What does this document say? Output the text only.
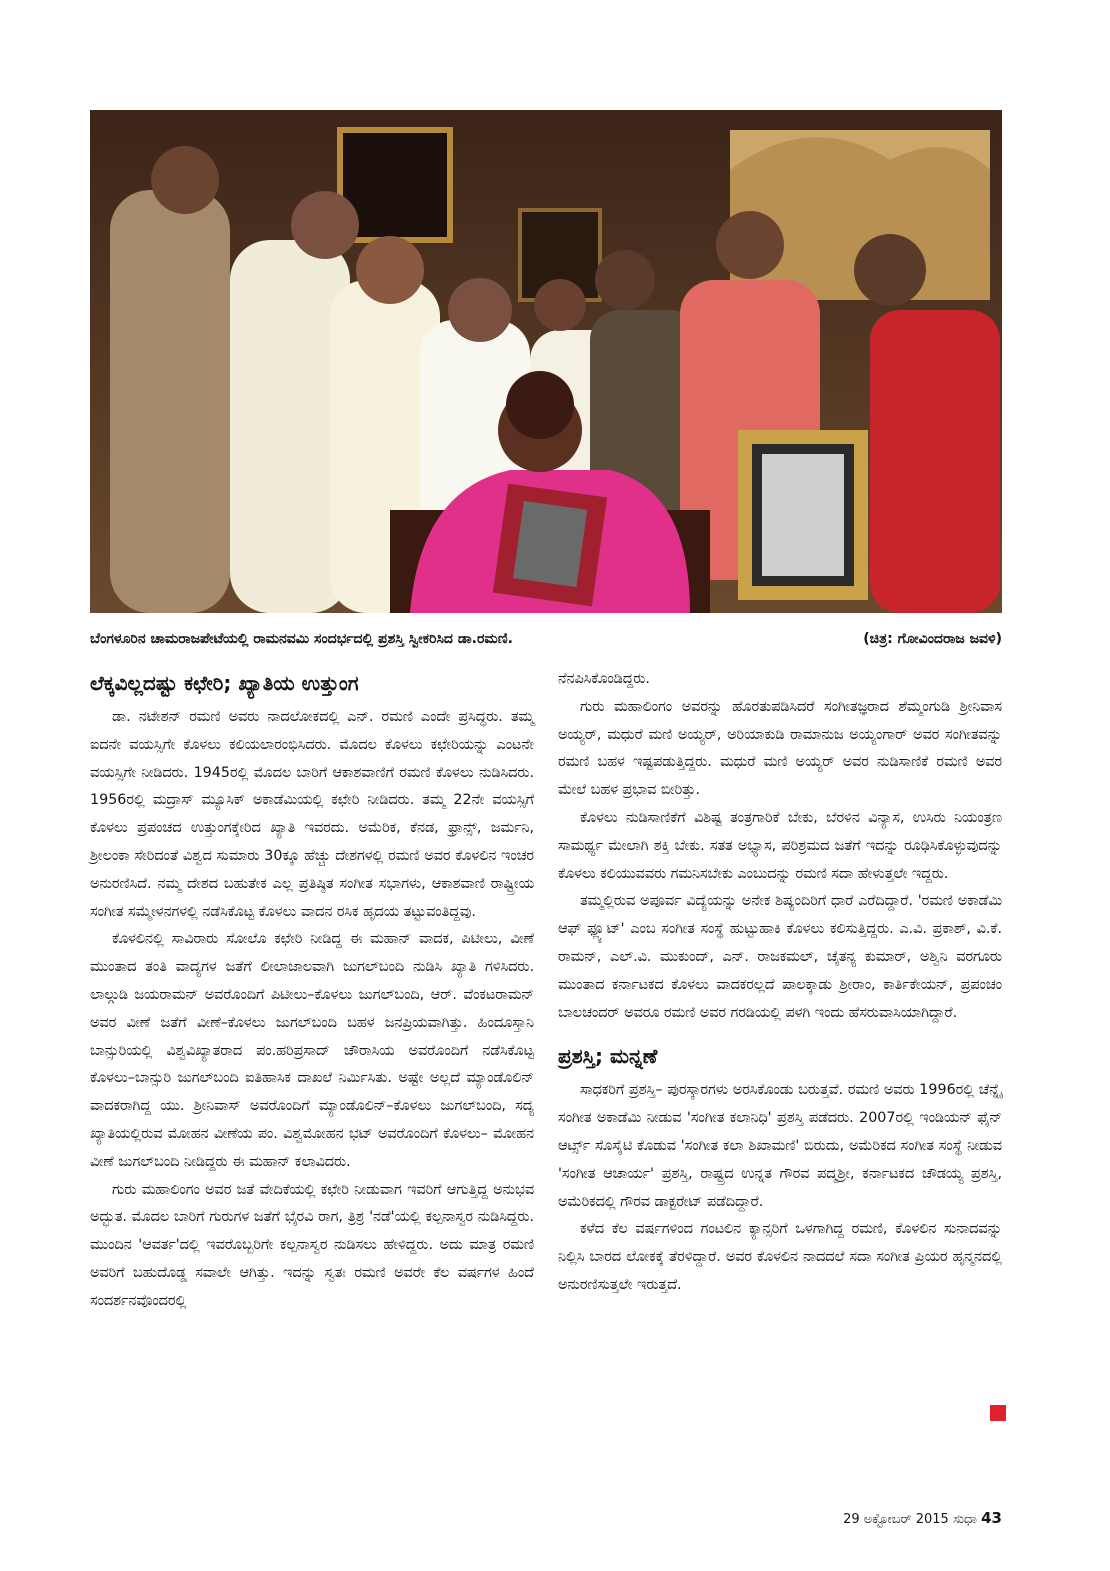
ಬೆಂಗಳೂರಿನ ಚಾಮರಾಜಪೇಟೆಯಲ್ಲಿ ರಾಮನವಮಿ ಸಂದರ್ಭದಲ್ಲಿ ಪ್ರಶಸ್ತಿ ಸ್ವೀಕರಿಸಿದ ಡಾ.ರಮಣಿ.	(ಚಿತ್ರ: ಗೋವಿಂದರಾಜ ಜವಳಿ)
ಲೆಕ್ಕವಿಲ್ಲದಷ್ಟು ಕಛೇರಿ; ಖ್ಯಾತಿಯ ಉತ್ತುಂಗ

ಡಾ. ನಟೇಶನ್ ರಮಣಿ ಅವರು ನಾದಲೋಕದಲ್ಲಿ ಎನ್. ರಮಣಿ ಎಂದೇ ಪ್ರಸಿದ್ಧರು. ತಮ್ಮ ಐದನೇ ವಯಸ್ಸಿಗೇ ಕೊಳಲು ಕಲಿಯಲಾರಂಭಿಸಿದರು. ಮೊದಲ ಕೊಳಲು ಕಛೇರಿಯನ್ನು ಎಂಟನೇ ವಯಸ್ಸಿಗೇ ನೀಡಿದರು. 1945ರಲ್ಲಿ ಮೊದಲ ಬಾರಿಗೆ ಆಕಾಶವಾಣಿಗೆ ರಮಣಿ ಕೊಳಲು ನುಡಿಸಿದರು. 1956ರಲ್ಲಿ ಮದ್ರಾಸ್ ಮ್ಯೂಸಿಕ್ ಅಕಾಡೆಮಿಯಲ್ಲಿ ಕಛೇರಿ ನೀಡಿದರು. ತಮ್ಮ 22ನೇ ವಯಸ್ಸಿಗೆ ಕೊಳಲು ಪ್ರಪಂಚದ ಉತ್ತುಂಗಕ್ಕೇರಿದ ಖ್ಯಾತಿ ಇವರದು. ಅಮೆರಿಕ, ಕೆನಡ, ಫ್ರಾನ್ಸ್, ಜರ್ಮನಿ, ಶ್ರೀಲಂಕಾ ಸೇರಿದಂತೆ ವಿಶ್ವದ ಸುಮಾರು 30ಕ್ಕೂ ಹೆಚ್ಚು ದೇಶಗಳಲ್ಲಿ ರಮಣಿ ಅವರ ಕೊಳಲಿನ ಇಂಚರ ಅನುರಣಿಸಿದೆ. ನಮ್ಮ ದೇಶದ ಬಹುತೇಕ ಎಲ್ಲ ಪ್ರತಿಷ್ಠಿತ ಸಂಗೀತ ಸಭಾಗಳು, ಆಕಾಶವಾಣಿ ರಾಷ್ಟ್ರೀಯ ಸಂಗೀತ ಸಮ್ಮೇಳನಗಳಲ್ಲಿ ನಡೆಸಿಕೊಟ್ಟ ಕೊಳಲು ವಾದನ ರಸಿಕ ಹೃದಯ ತಟ್ಟುವಂತಿದ್ದವು.

ಕೊಳಲಿನಲ್ಲಿ ಸಾವಿರಾರು ಸೋಲೊ ಕಛೇರಿ ನೀಡಿದ್ದ ಈ ಮಹಾನ್ ವಾದಕ, ಪಿಟೀಲು, ವೀಣೆ ಮುಂತಾದ ತಂತಿ ವಾದ್ಯಗಳ ಜತೆಗೆ ಲೀಲಾಜಾಲವಾಗಿ ಜುಗಲ್‌ಬಂದಿ ನುಡಿಸಿ ಖ್ಯಾತಿ ಗಳಿಸಿದರು. ಲಾಲ್ಗುಡಿ ಜಯರಾಮನ್ ಅವರೊಂದಿಗೆ ಪಿಟೀಲು–ಕೊಳಲು ಜುಗಲ್‌ಬಂದಿ, ಆರ್. ವೆಂಕಟರಾಮನ್ ಅವರ ವೀಣೆ ಜತೆಗೆ ವೀಣೆ–ಕೊಳಲು ಜುಗಲ್‌ಬಂದಿ ಬಹಳ ಜನಪ್ರಿಯವಾಗಿತ್ತು. ಹಿಂದೂಸ್ತಾನಿ ಬಾನ್ಸುರಿಯಲ್ಲಿ ವಿಶ್ವವಿಖ್ಯಾತರಾದ ಪಂ.ಹರಿಪ್ರಸಾದ್ ಚೌರಾಸಿಯ ಅವರೊಂದಿಗೆ ನಡೆಸಿಕೊಟ್ಟ ಕೊಳಲು–ಬಾನ್ಸುರಿ ಜುಗಲ್‌ಬಂದಿ ಐತಿಹಾಸಿಕ ದಾಖಲೆ ನಿರ್ಮಿಸಿತು. ಅಷ್ಟೇ ಅಲ್ಲದೆ ಮ್ಯಾಂಡೊಲಿನ್ ವಾದಕರಾಗಿದ್ದ ಯು. ಶ್ರೀನಿವಾಸ್ ಅವರೊಂದಿಗೆ ಮ್ಯಾಂಡೊಲಿನ್–ಕೊಳಲು ಜುಗಲ್‌ಬಂದಿ, ಸದ್ಯ ಖ್ಯಾತಿಯಲ್ಲಿರುವ ಮೋಹನ ವೀಣೆಯ ಪಂ. ವಿಶ್ವಮೋಹನ ಭಟ್ ಅವರೊಂದಿಗೆ ಕೊಳಲು– ಮೋಹನ ವೀಣೆ ಜುಗಲ್‌ಬಂದಿ ನೀಡಿದ್ದರು ಈ ಮಹಾನ್ ಕಲಾವಿದರು.

ಗುರು ಮಹಾಲಿಂಗಂ ಅವರ ಜತೆ ವೇದಿಕೆಯಲ್ಲಿ ಕಛೇರಿ ನೀಡುವಾಗ ಇವರಿಗೆ ಆಗುತ್ತಿದ್ದ ಅನುಭವ ಅದ್ಭುತ. ಮೊದಲ ಬಾರಿಗೆ ಗುರುಗಳ ಜತೆಗೆ ಭೈರವಿ ರಾಗ, ತ್ರಿಶ್ರ 'ನಡೆ'ಯಲ್ಲಿ ಕಲ್ಪನಾಸ್ವರ ನುಡಿಸಿದ್ದರು. ಮುಂದಿನ 'ಆವರ್ತ'ದಲ್ಲಿ ಇವರೊಬ್ಬರಿಗೇ ಕಲ್ಪನಾಸ್ವರ ನುಡಿಸಲು ಹೇಳಿದ್ದರು. ಅದು ಮಾತ್ರ ರಮಣಿ ಅವರಿಗೆ ಬಹುದೊಡ್ಡ ಸವಾಲೇ ಆಗಿತ್ತು. ಇದನ್ನು ಸ್ವತಃ ರಮಣಿ ಅವರೇ ಕೆಲ ವರ್ಷಗಳ ಹಿಂದೆ ಸಂದರ್ಶನವೊಂದರಲ್ಲಿ

ನೆನಪಿಸಿಕೊಂಡಿದ್ದರು.

ಗುರು ಮಹಾಲಿಂಗಂ ಅವರನ್ನು ಹೊರತುಪಡಿಸಿದರೆ ಸಂಗೀತಜ್ಞರಾದ ಶೆಮ್ಮಂಗುಡಿ ಶ್ರೀನಿವಾಸ ಅಯ್ಯರ್, ಮಧುರೆ ಮಣಿ ಅಯ್ಯರ್, ಅರಿಯಾಕುಡಿ ರಾಮಾನುಜ ಅಯ್ಯಂಗಾರ್ ಅವರ ಸಂಗೀತವನ್ನು ರಮಣಿ ಬಹಳ ಇಷ್ಟಪಡುತ್ತಿದ್ದರು. ಮಧುರೆ ಮಣಿ ಅಯ್ಯರ್ ಅವರ ನುಡಿಸಾಣಿಕೆ ರಮಣಿ ಅವರ ಮೇಲೆ ಬಹಳ ಪ್ರಭಾವ ಬೀರಿತ್ತು.

ಕೊಳಲು ನುಡಿಸಾಣಿಕೆಗೆ ವಿಶಿಷ್ಟ ತಂತ್ರಗಾರಿಕೆ ಬೇಕು, ಬೆರಳಿನ ವಿನ್ಯಾಸ, ಉಸಿರು ನಿಯಂತ್ರಣ ಸಾಮರ್ಥ್ಯ ಮೇಲಾಗಿ ಶಕ್ತಿ ಬೇಕು. ಸತತ ಅಭ್ಯಾಸ, ಪರಿಶ್ರಮದ ಜತೆಗೆ ಇದನ್ನು ರೂಢಿಸಿಕೊಳ್ಳುವುದನ್ನು ಕೊಳಲು ಕಲಿಯುವವರು ಗಮನಿಸಬೇಕು ಎಂಬುದನ್ನು ರಮಣಿ ಸದಾ ಹೇಳುತ್ತಲೇ ಇದ್ದರು.

ತಮ್ಮಲ್ಲಿರುವ ಅಪೂರ್ವ ವಿದ್ಯೆಯನ್ನು ಅನೇಕ ಶಿಷ್ಯಂದಿರಿಗೆ ಧಾರೆ ಎರೆದಿದ್ದಾರೆ. 'ರಮಣಿ ಅಕಾಡೆಮಿ ಆಫ್ ಫ್ಲ್ಯೂಟ್' ಎಂಬ ಸಂಗೀತ ಸಂಸ್ಥೆ ಹುಟ್ಟುಹಾಕಿ ಕೊಳಲು ಕಲಿಸುತ್ತಿದ್ದರು. ಎ.ವಿ. ಪ್ರಕಾಶ್, ವಿ.ಕೆ. ರಾಮನ್, ಎಲ್.ವಿ. ಮುಕುಂದ್, ಎನ್. ರಾಜಕಮಲ್, ಚೈತನ್ಯ ಕುಮಾರ್, ಅಶ್ವಿನಿ ವರಗೂರು ಮುಂತಾದ ಕರ್ನಾಟಕದ ಕೊಳಲು ವಾದಕರಲ್ಲದೆ ಪಾಲಕ್ಕಾಡು ಶ್ರೀರಾಂ, ಕಾರ್ತಿಕೇಯನ್, ಪ್ರಪಂಚಂ ಬಾಲಚಂದರ್ ಅವರೂ ರಮಣಿ ಅವರ ಗರಡಿಯಲ್ಲಿ ಪಳಗಿ ಇಂದು ಹೆಸರುವಾಸಿಯಾಗಿದ್ದಾರೆ.

ಪ್ರಶಸ್ತಿ; ಮನ್ನಣೆ

ಸಾಧಕರಿಗೆ ಪ್ರಶಸ್ತಿ– ಪುರಸ್ಕಾರಗಳು ಅರಸಿಕೊಂಡು ಬರುತ್ತವೆ. ರಮಣಿ ಅವರು 1996ರಲ್ಲಿ ಚೆನ್ನೈ ಸಂಗೀತ ಅಕಾಡೆಮಿ ನೀಡುವ 'ಸಂಗೀತ ಕಲಾನಿಧಿ' ಪ್ರಶಸ್ತಿ ಪಡೆದರು. 2007ರಲ್ಲಿ ಇಂಡಿಯನ್ ಫೈನ್ ಆರ್ಟ್ಸ್ ಸೊಸೈಟಿ ಕೊಡುವ 'ಸಂಗೀತ ಕಲಾ ಶಿಖಾಮಣಿ' ಬಿರುದು, ಅಮೆರಿಕದ ಸಂಗೀತ ಸಂಸ್ಥೆ ನೀಡುವ 'ಸಂಗೀತ ಆಚಾರ್ಯ' ಪ್ರಶಸ್ತಿ, ರಾಷ್ಟ್ರದ ಉನ್ನತ ಗೌರವ ಪದ್ಮಶ್ರೀ, ಕರ್ನಾಟಕದ ಚೌಡಯ್ಯ ಪ್ರಶಸ್ತಿ, ಅಮೆರಿಕದಲ್ಲಿ ಗೌರವ ಡಾಕ್ಟರೇಟ್ ಪಡೆದಿದ್ದಾರೆ.

ಕಳೆದ ಕೆಲ ವರ್ಷಗಳಿಂದ ಗಂಟಲಿನ ಕ್ಯಾನ್ಸರಿಗೆ ಒಳಗಾಗಿದ್ದ ರಮಣಿ, ಕೊಳಲಿನ ಸುನಾದವನ್ನು ನಿಲ್ಲಿಸಿ ಬಾರದ ಲೋಕಕ್ಕೆ ತೆರಳಿದ್ದಾರೆ. ಅವರ ಕೊಳಲಿನ ನಾದದಲೆ ಸದಾ ಸಂಗೀತ ಪ್ರಿಯರ ಹೃನ್ಮನದಲ್ಲಿ ಅನುರಣಿಸುತ್ತಲೇ ಇರುತ್ತದೆ.

29 ಅಕ್ಟೋಬರ್ 2015 ಸುಧಾ 43
